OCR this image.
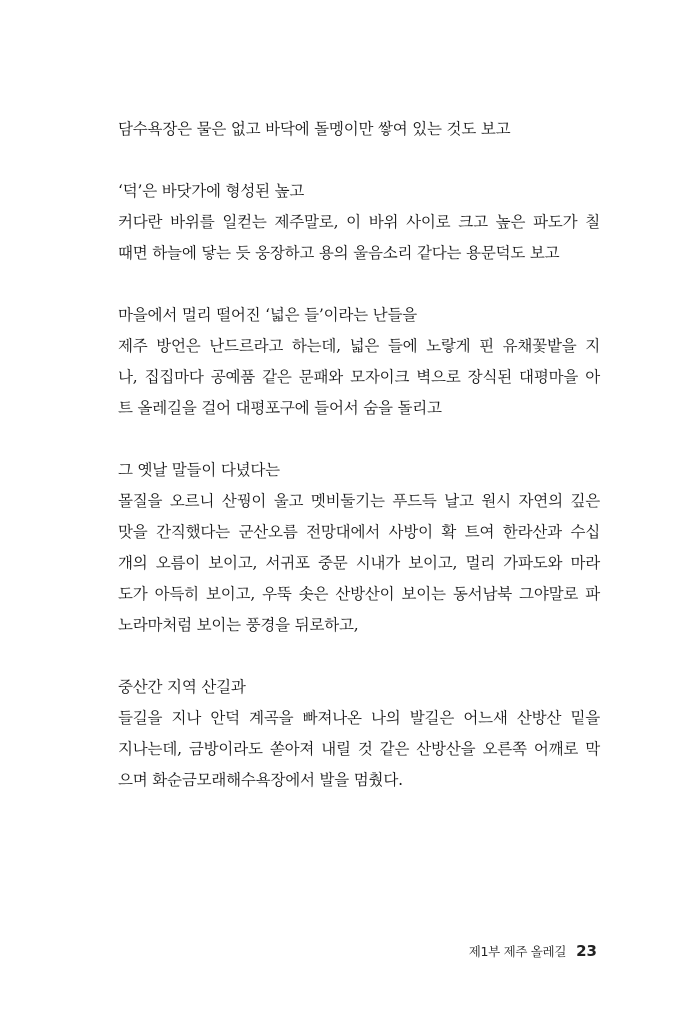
담수욕장은 물은 없고 바닥에 돌멩이만 쌓여 있는 것도 보고
‘덕’은 바닷가에 형성된 높고
커다란 바위를 일컫는 제주말로, 이 바위 사이로 크고 높은 파도가 칠
때면 하늘에 닿는 듯 웅장하고 용의 울음소리 같다는 용문덕도 보고
마을에서 멀리 떨어진 ‘넓은 들’이라는 난들을
제주 방언은 난드르라고 하는데, 넓은 들에 노랗게 핀 유채꽃밭을 지
나, 집집마다 공예품 같은 문패와 모자이크 벽으로 장식된 대평마을 아
트 올레길을 걸어 대평포구에 들어서 숨을 돌리고
그 옛날 말들이 다녔다는
몰질을 오르니 산꿩이 울고 멧비둘기는 푸드득 날고 원시 자연의 깊은
맛을 간직했다는 군산오름 전망대에서 사방이 확 트여 한라산과 수십
개의 오름이 보이고, 서귀포 중문 시내가 보이고, 멀리 가파도와 마라
도가 아득히 보이고, 우뚝 솟은 산방산이 보이는 동서남북 그야말로 파
노라마처럼 보이는 풍경을 뒤로하고,
중산간 지역 산길과
들길을 지나 안덕 계곡을 빠져나온 나의 발길은 어느새 산방산 밑을
지나는데, 금방이라도 쏟아져 내릴 것 같은 산방산을 오른쪽 어깨로 막
으며 화순금모래해수욕장에서 발을 멈췄다.
제1부 제주 올레길 23
